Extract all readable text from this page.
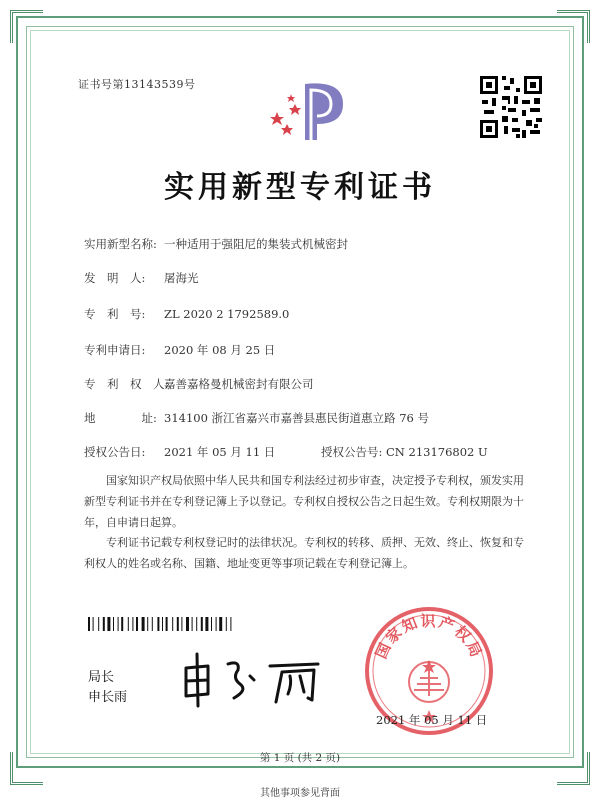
证书号第13143539号
实用新型专利证书
实用新型名称: 一种适用于强阻尼的集装式机械密封
发　明　人: 屠海光
专　利　号: ZL 2020 2 1792589.0
专利申请日: 2020 年 08 月 25 日
专　利　权　人:嘉善嘉格曼机械密封有限公司
地　　　　址: 314100 浙江省嘉兴市嘉善县惠民街道惠立路 76 号
授权公告日: 2021 年 05 月 11 日	授权公告号: CN 213176802 U
国家知识产权局依照中华人民共和国专利法经过初步审查，决定授予专利权，颁发实用新型专利证书并在专利登记簿上予以登记。专利权自授权公告之日起生效。专利权期限为十年，自申请日起算。
专利证书记载专利权登记时的法律状况。专利权的转移、质押、无效、终止、恢复和专利权人的姓名或名称、国籍、地址变更等事项记载在专利登记簿上。
局长
申长雨
国家知识产权局
2021 年 05 月 11 日
第 1 页 (共 2 页)
其他事项参见背面
